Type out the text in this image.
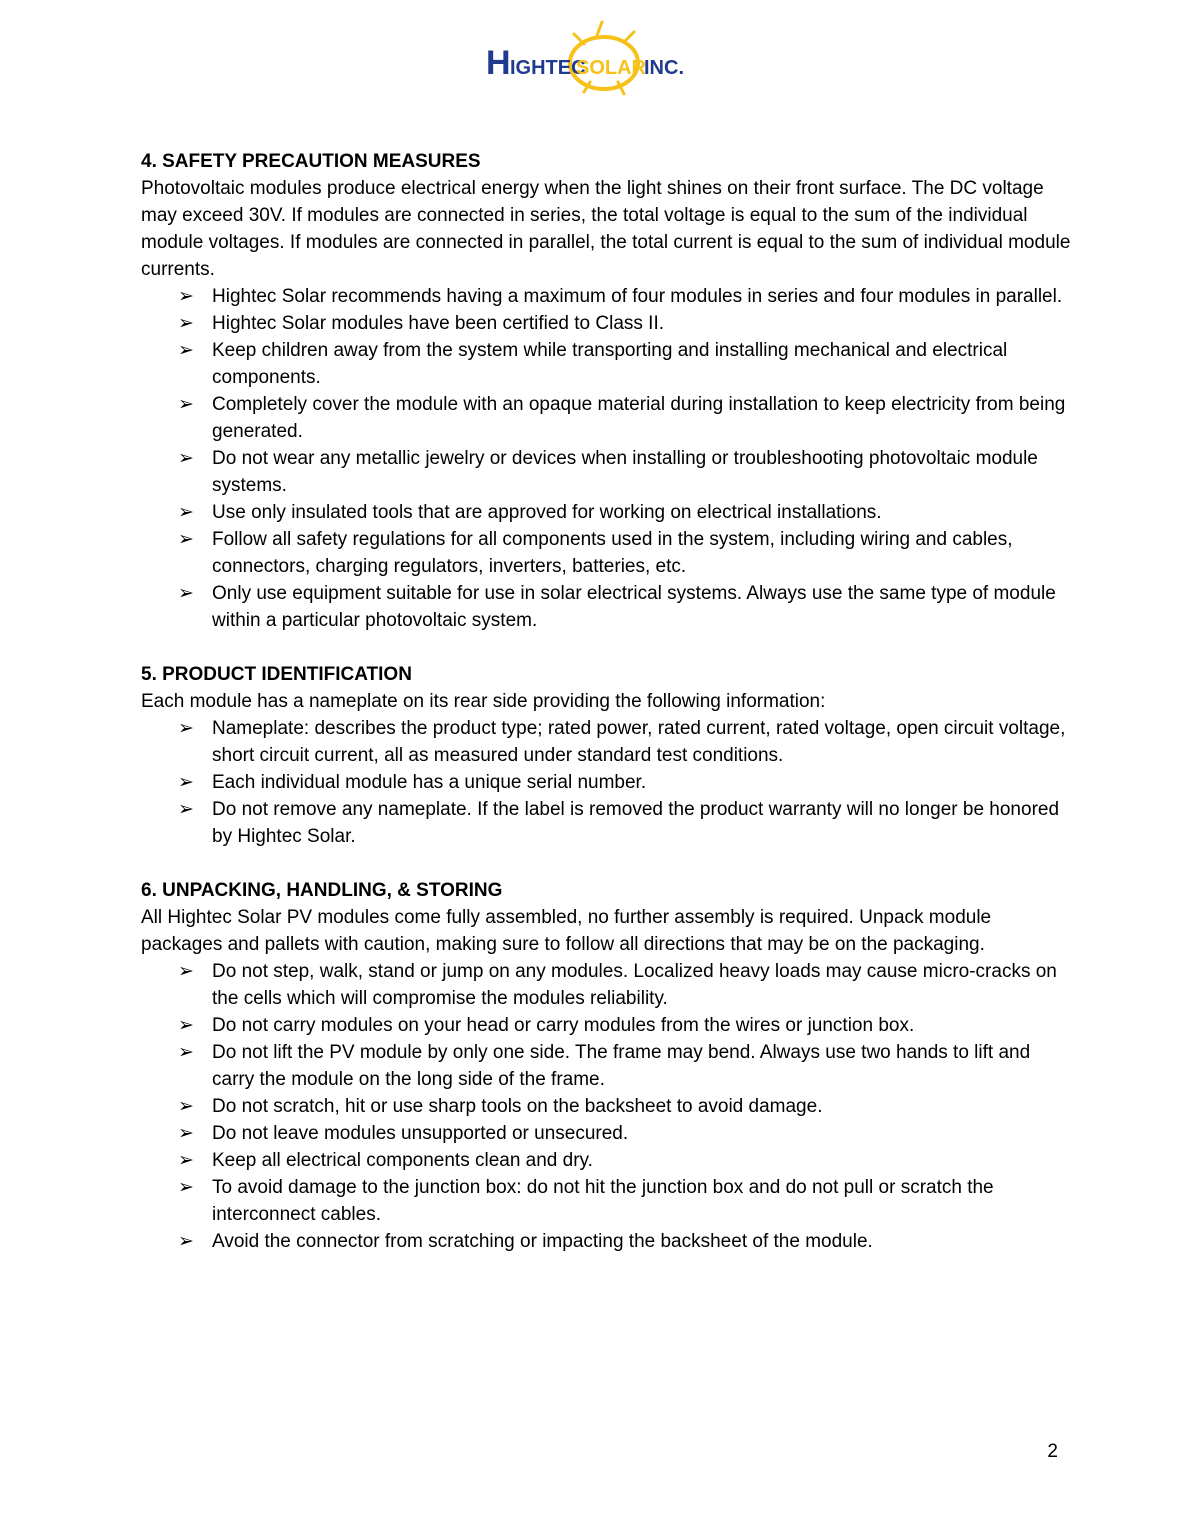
H IGHTEC
SOLAR
INC.

4. SAFETY PRECAUTION MEASURES

Photovoltaic modules produce electrical energy when the light shines on their front surface. The DC voltage may exceed 30V. If modules are connected in series, the total voltage is equal to the sum of the individual module voltages. If modules are connected in parallel, the total current is equal to the sum of individual module currents.

➢ Hightec Solar recommends having a maximum of four modules in series and four modules in parallel.
➢ Hightec Solar modules have been certified to Class II.
➢ Keep children away from the system while transporting and installing mechanical and electrical components.
➢ Completely cover the module with an opaque material during installation to keep electricity from being generated.
➢ Do not wear any metallic jewelry or devices when installing or troubleshooting photovoltaic module systems.
➢ Use only insulated tools that are approved for working on electrical installations.
➢ Follow all safety regulations for all components used in the system, including wiring and cables, connectors, charging regulators, inverters, batteries, etc.
➢ Only use equipment suitable for use in solar electrical systems. Always use the same type of module within a particular photovoltaic system.

5. PRODUCT IDENTIFICATION

Each module has a nameplate on its rear side providing the following information:

➢ Nameplate: describes the product type; rated power, rated current, rated voltage, open circuit voltage, short circuit current, all as measured under standard test conditions.
➢ Each individual module has a unique serial number.
➢ Do not remove any nameplate. If the label is removed the product warranty will no longer be honored by Hightec Solar.

6. UNPACKING, HANDLING, & STORING

All Hightec Solar PV modules come fully assembled, no further assembly is required. Unpack module packages and pallets with caution, making sure to follow all directions that may be on the packaging.

➢ Do not step, walk, stand or jump on any modules. Localized heavy loads may cause micro-cracks on the cells which will compromise the modules reliability.
➢ Do not carry modules on your head or carry modules from the wires or junction box.
➢ Do not lift the PV module by only one side. The frame may bend. Always use two hands to lift and carry the module on the long side of the frame.
➢ Do not scratch, hit or use sharp tools on the backsheet to avoid damage.
➢ Do not leave modules unsupported or unsecured.
➢ Keep all electrical components clean and dry.
➢ To avoid damage to the junction box: do not hit the junction box and do not pull or scratch the interconnect cables.
➢ Avoid the connector from scratching or impacting the backsheet of the module.
2
